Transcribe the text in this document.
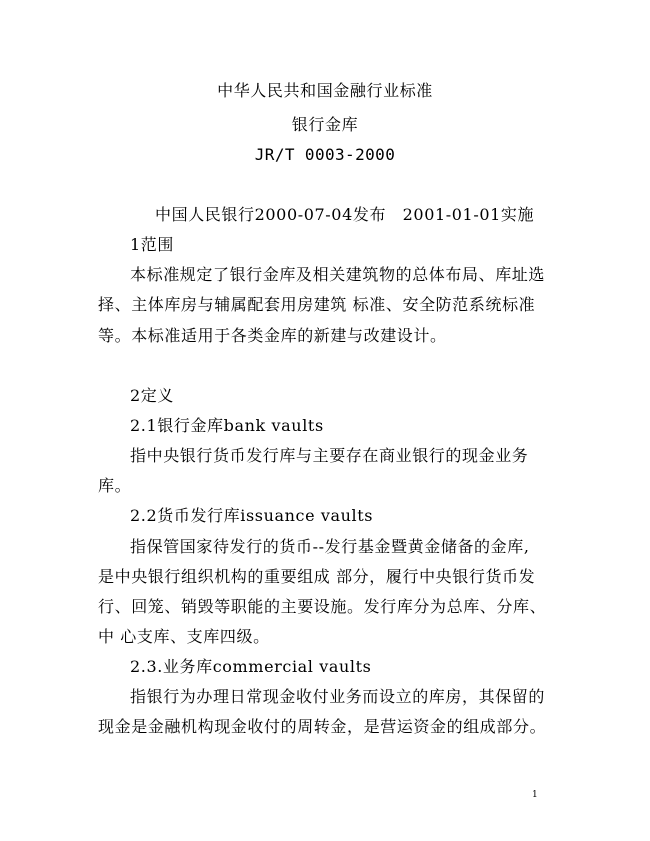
中华人民共和国金融行业标准
银行金库
JR/T 0003-2000
中国人民银行2000-07-04发布　2001-01-01实施
1范围
本标准规定了银行金库及相关建筑物的总体布局、库址选
择、主体库房与辅属配套用房建筑 标准、安全防范系统标准
等。本标准适用于各类金库的新建与改建设计。
2定义
2.1银行金库bank vaults
指中央银行货币发行库与主要存在商业银行的现金业务
库。
2.2货币发行库issuance vaults
指保管国家待发行的货币--发行基金暨黄金储备的金库,
是中央银行组织机构的重要组成 部分，履行中央银行货币发
行、回笼、销毁等职能的主要设施。发行库分为总库、分库、
中 心支库、支库四级。
2.3.业务库commercial vaults
指银行为办理日常现金收付业务而设立的库房，其保留的
现金是金融机构现金收付的周转金，是营运资金的组成部分。
1
